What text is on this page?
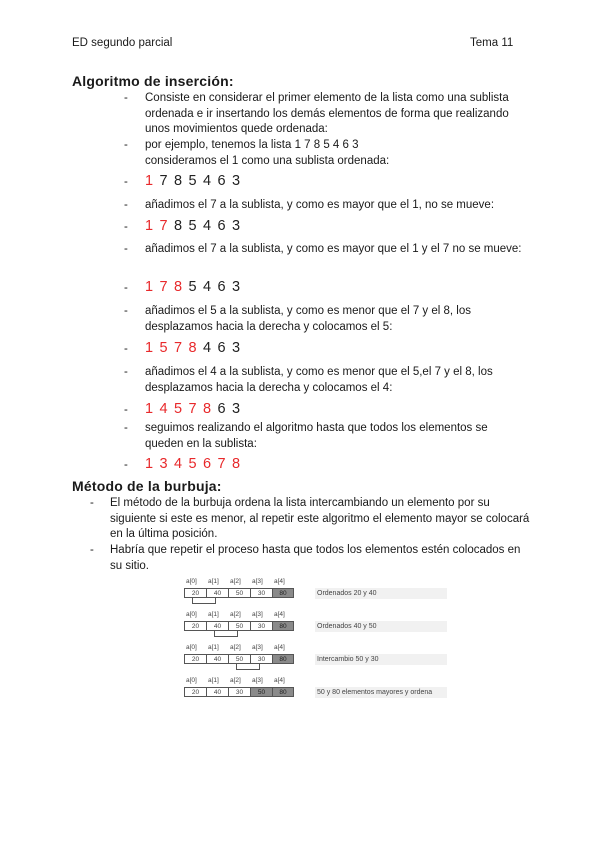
ED segundo parcial	Tema 11
Algoritmo de inserción:
- Consiste en considerar el primer elemento de la lista como una sublista ordenada e ir insertando los demás elementos de forma que realizando unos movimientos quede ordenada:
- por ejemplo, tenemos la lista 1 7 8 5 4 6 3
consideramos el 1 como una sublista ordenada:
- 1 7 8 5 4 6 3
- añadimos el 7 a la sublista, y como es mayor que el 1, no se mueve:
- 1 7 8 5 4 6 3
- añadimos el 7 a la sublista, y como es mayor que el 1 y el 7 no se mueve:
- 1 7 8 5 4 6 3
- añadimos el 5 a la sublista, y como es menor que el 7 y el 8, los desplazamos hacia la derecha y colocamos el 5:
- 1 5 7 8 4 6 3
- añadimos el 4 a la sublista, y como es menor que el 5,el 7 y el 8, los desplazamos hacia la derecha y colocamos el 4:
- 1 4 5 7 8 6 3
- seguimos realizando el algoritmo hasta que todos los elementos se queden en la sublista:
- 1 3 4 5 6 7 8
Método de la burbuja:
- El método de la burbuja ordena la lista intercambiando un elemento por su siguiente si este es menor, al repetir este algoritmo el elemento mayor se colocará en la última posición.
- Habría que repetir el proceso hasta que todos los elementos estén colocados en su sitio.
a[0] a[1] a[2] a[3] a[4]
20	40	50	30	80	Ordenados 20 y 40
a[0] a[1] a[2] a[3] a[4]
20	40	50	30	80	Ordenados 40 y 50
a[0] a[1] a[2] a[3] a[4]
20	40	50	30	80	Intercambio 50 y 30
a[0] a[1] a[2] a[3] a[4]
20	40	30	50	80	50 y 80 elementos mayores y ordena
